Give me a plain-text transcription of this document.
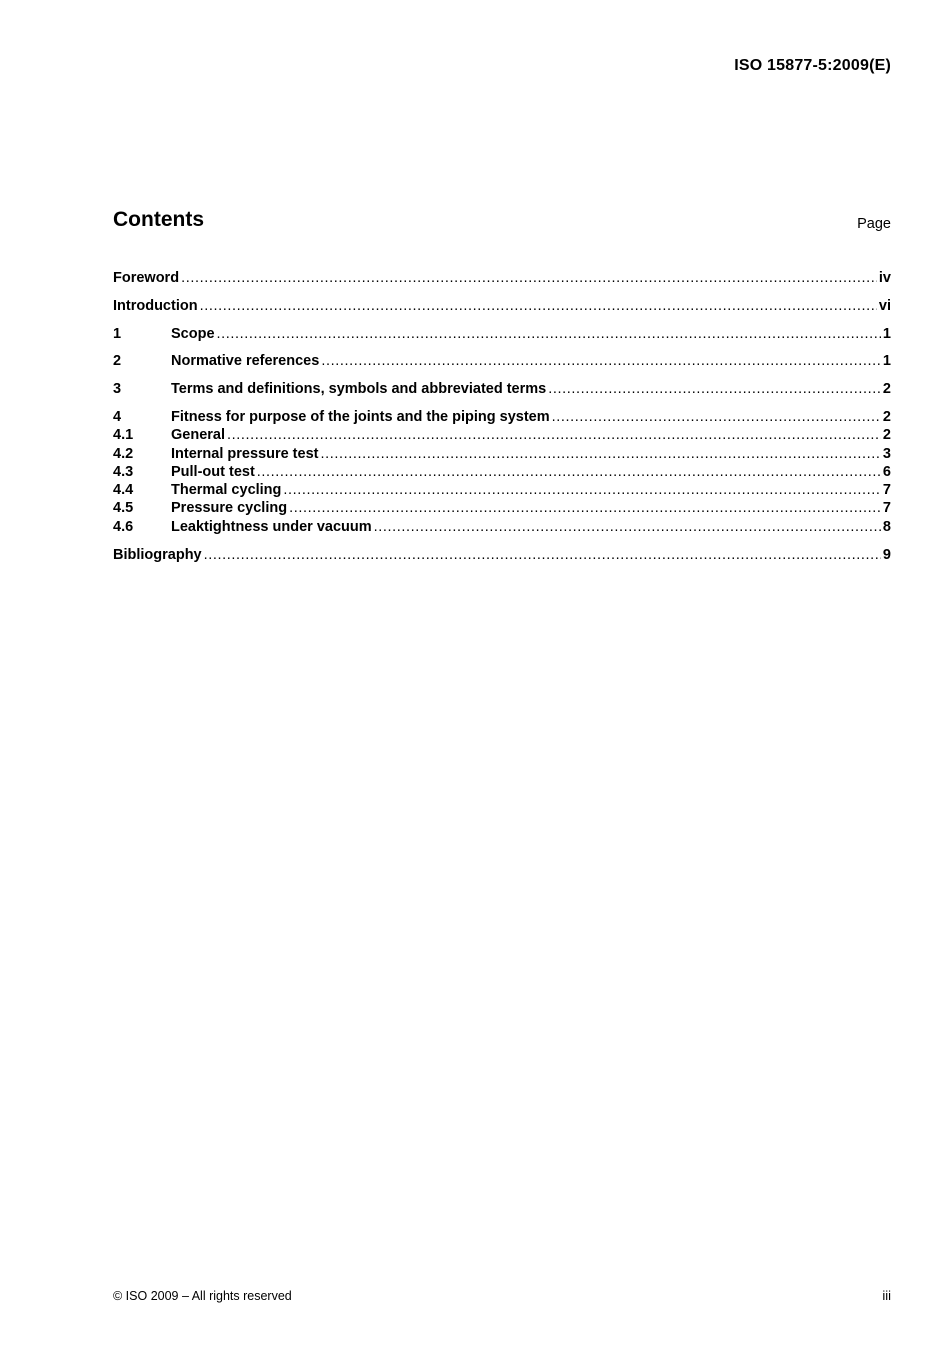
ISO 15877-5:2009(E)
Contents	Page
Foreword .....	iv
Introduction .....	vi
1	Scope .....	1
2	Normative references .....	1
3	Terms and definitions, symbols and abbreviated terms .....	2
4	Fitness for purpose of the joints and the piping system .....	2
4.1	General .....	2
4.2	Internal pressure test .....	3
4.3	Pull-out test .....	6
4.4	Thermal cycling .....	7
4.5	Pressure cycling .....	7
4.6	Leaktightness under vacuum .....	8
Bibliography .....	9
© ISO 2009 – All rights reserved	iii
